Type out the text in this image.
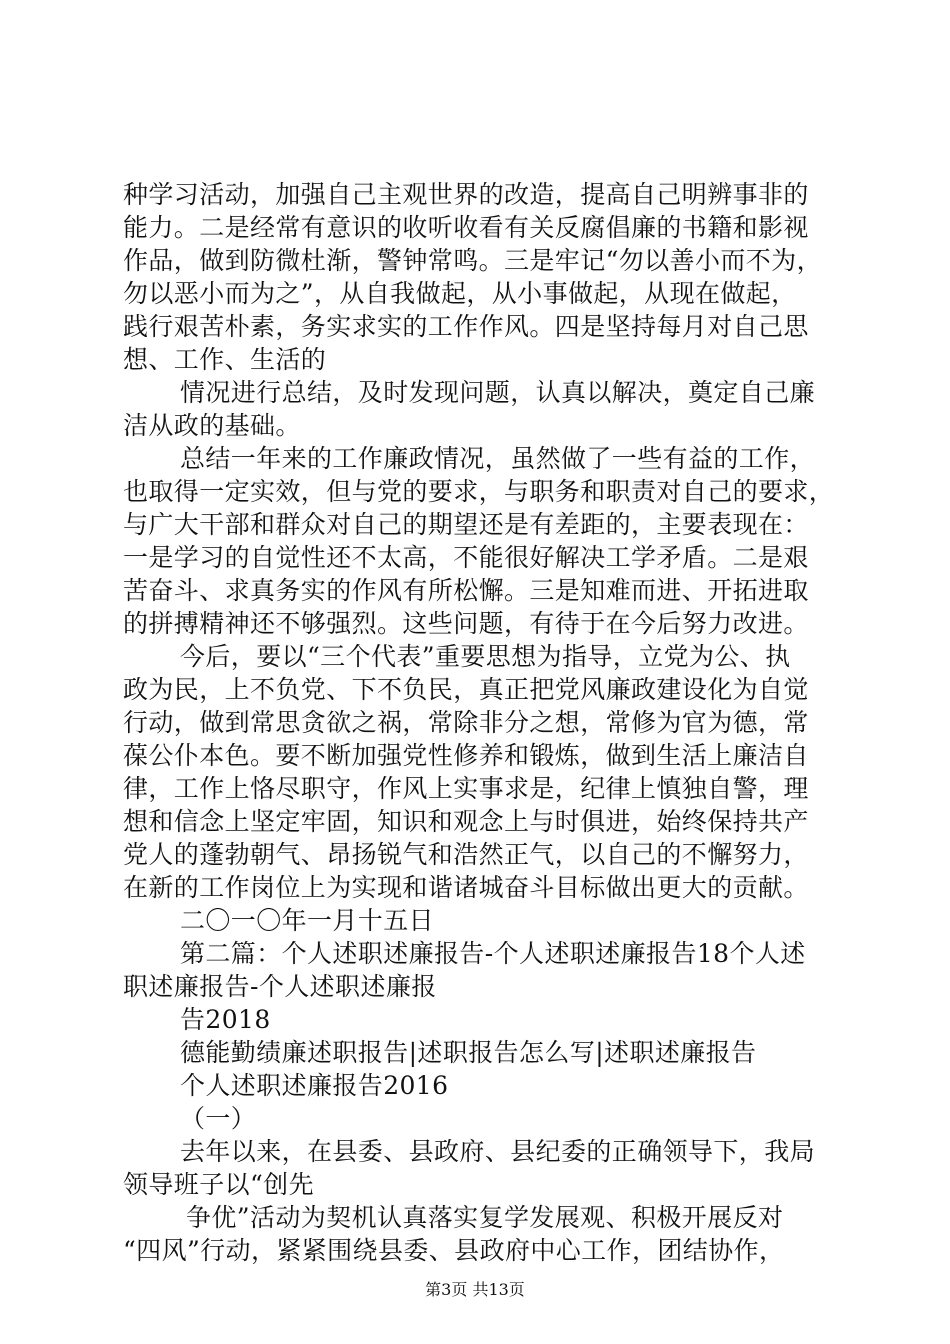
种学习活动，加强自己主观世界的改造，提高自己明辨事非的
能力。二是经常有意识的收听收看有关反腐倡廉的书籍和影视
作品，做到防微杜渐，警钟常鸣。三是牢记“勿以善小而不为，
勿以恶小而为之”，从自我做起，从小事做起，从现在做起，
践行艰苦朴素，务实求实的工作作风。四是坚持每月对自己思
想、工作、生活的
情况进行总结，及时发现问题，认真以解决，奠定自己廉
洁从政的基础。
总结一年来的工作廉政情况，虽然做了一些有益的工作，
也取得一定实效，但与党的要求，与职务和职责对自己的要求，
与广大干部和群众对自己的期望还是有差距的，主要表现在：
一是学习的自觉性还不太高，不能很好解决工学矛盾。二是艰
苦奋斗、求真务实的作风有所松懈。三是知难而进、开拓进取
的拼搏精神还不够强烈。这些问题，有待于在今后努力改进。
今后，要以“三个代表”重要思想为指导，立党为公、执
政为民，上不负党、下不负民，真正把党风廉政建设化为自觉
行动，做到常思贪欲之祸，常除非分之想，常修为官为德，常
葆公仆本色。要不断加强党性修养和锻炼，做到生活上廉洁自
律，工作上恪尽职守，作风上实事求是，纪律上慎独自警，理
想和信念上坚定牢固，知识和观念上与时俱进，始终保持共产
党人的蓬勃朝气、昂扬锐气和浩然正气，以自己的不懈努力，
在新的工作岗位上为实现和谐诸城奋斗目标做出更大的贡献。
二〇一〇年一月十五日
第二篇：个人述职述廉报告-个人述职述廉报告18个人述
职述廉报告-个人述职述廉报
告2018
德能勤绩廉述职报告|述职报告怎么写|述职述廉报告
个人述职述廉报告2016
（一）
去年以来，在县委、县政府、县纪委的正确领导下，我局
领导班子以“创先
争优”活动为契机认真落实复学发展观、积极开展反对
“四风”行动，紧紧围绕县委、县政府中心工作，团结协作，
第3页 共13页
